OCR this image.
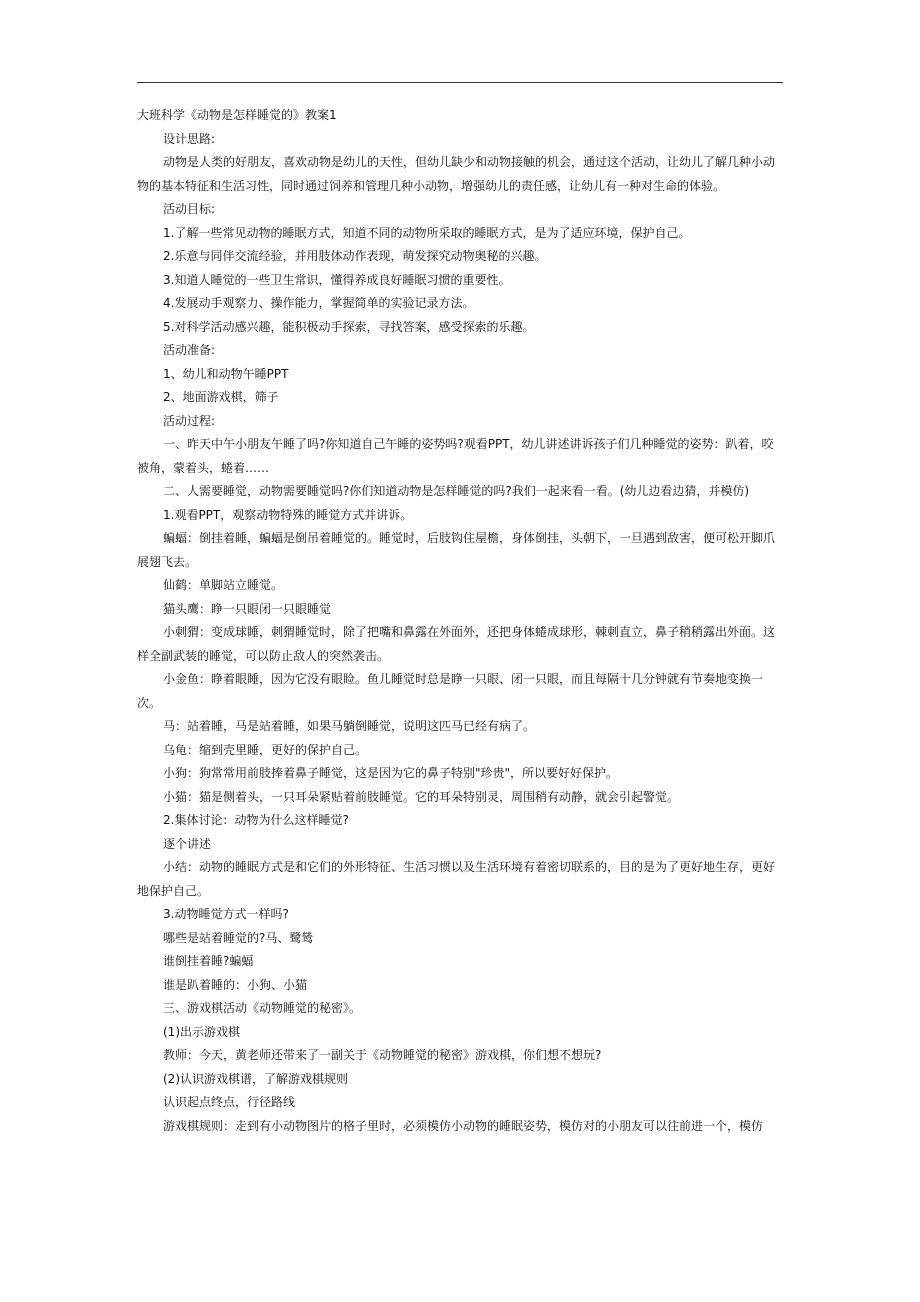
大班科学《动物是怎样睡觉的》教案1

设计思路:

动物是人类的好朋友，喜欢动物是幼儿的天性，但幼儿缺少和动物接触的机会，通过这个活动，让幼儿了解几种小动物的基本特征和生活习性，同时通过饲养和管理几种小动物，增强幼儿的责任感，让幼儿有一种对生命的体验。

活动目标:

1.了解一些常见动物的睡眠方式，知道不同的动物所采取的睡眠方式，是为了适应环境，保护自己。

2.乐意与同伴交流经验，并用肢体动作表现，萌发探究动物奥秘的兴趣。

3.知道人睡觉的一些卫生常识，懂得养成良好睡眠习惯的重要性。

4.发展动手观察力、操作能力，掌握简单的实验记录方法。

5.对科学活动感兴趣，能积极动手探索，寻找答案，感受探索的乐趣。

活动准备:

1、幼儿和动物午睡PPT

2、地面游戏棋，筛子

活动过程:

一、昨天中午小朋友午睡了吗?你知道自己午睡的姿势吗?观看PPT，幼儿讲述讲诉孩子们几种睡觉的姿势：趴着，咬被角，蒙着头，蜷着……

二、人需要睡觉，动物需要睡觉吗?你们知道动物是怎样睡觉的吗?我们一起来看一看。(幼儿边看边猜，并模仿)

1.观看PPT，观察动物特殊的睡觉方式并讲诉。

蝙蝠：倒挂着睡，蝙蝠是倒吊着睡觉的。睡觉时，后肢钩住屋檐，身体倒挂，头朝下，一旦遇到敌害，便可松开脚爪展翅飞去。

仙鹤：单脚站立睡觉。

猫头鹰：睁一只眼闭一只眼睡觉

小刺猬：变成球睡，刺猬睡觉时，除了把嘴和鼻露在外面外，还把身体蜷成球形，棘刺直立，鼻子稍稍露出外面。这样全副武装的睡觉，可以防止敌人的突然袭击。

小金鱼：睁着眼睡，因为它没有眼睑。鱼儿睡觉时总是睁一只眼、闭一只眼，而且每隔十几分钟就有节奏地变换一次。

马：站着睡，马是站着睡，如果马躺倒睡觉，说明这匹马已经有病了。

乌龟：缩到壳里睡，更好的保护自己。

小狗：狗常常用前肢捧着鼻子睡觉，这是因为它的鼻子特别"珍贵"，所以要好好保护。

小猫：猫是侧着头，一只耳朵紧贴着前肢睡觉。它的耳朵特别灵，周围稍有动静，就会引起警觉。

2.集体讨论：动物为什么这样睡觉?

逐个讲述

小结：动物的睡眠方式是和它们的外形特征、生活习惯以及生活环境有着密切联系的，目的是为了更好地生存，更好地保护自己。

3.动物睡觉方式一样吗?

哪些是站着睡觉的?马、鹭鸶

谁倒挂着睡?蝙蝠

谁是趴着睡的：小狗、小猫

三、游戏棋活动《动物睡觉的秘密》。

(1)出示游戏棋

教师：今天，黄老师还带来了一副关于《动物睡觉的秘密》游戏棋，你们想不想玩?

(2)认识游戏棋谱，了解游戏棋规则

认识起点终点，行径路线

游戏棋规则：走到有小动物图片的格子里时，必须模仿小动物的睡眠姿势，模仿对的小朋友可以往前进一个，模仿
